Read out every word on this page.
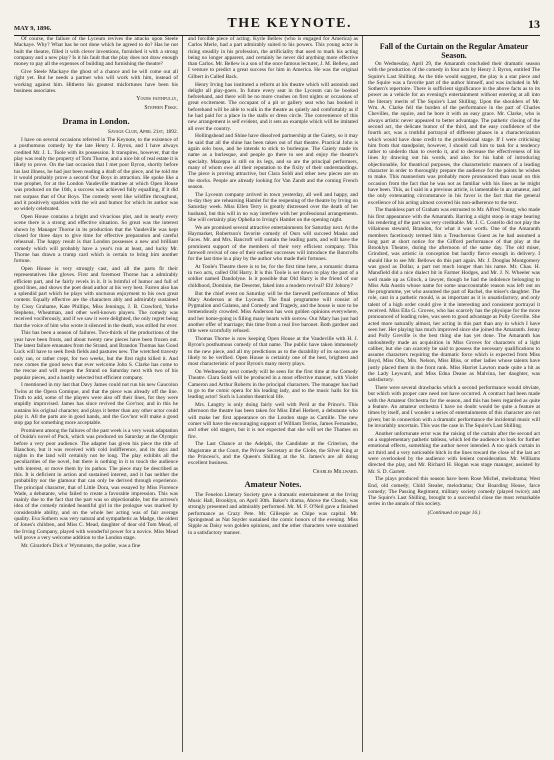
MAY 9, 1896.	THE KEYNOTE.	13

Of course, the failure of the Lyceum revives the attacks upon Steele Mackaye. Why? What has he not done which he agreed to do? Has he not built the theatre, filled it with clever inventions, furnished it with a strong company and a new play? Is it his fault that the play does not draw enough money to pay all the expenses of building and furnishing the theatre?

Give Steele Mackaye the ghost of a chance and he will come out all right yet. But he needs a partner who will work with him, instead of working against him. Hitherto his greatest misfortunes have been his business associates.

Yours faithfully,
Stephen Fiske.
Drama in London.
Savage Club, April 21st, 1892.

I have on several occasions referred in The Keynote, to the existence of a posthumous comedy by the late Henry J. Byron, and I have always credited Mr. J. L. Toole with its possession. It transpires, however, that the play was really the property of Tom Thorne, and a nice bit of real estate it is likely to prove. On the last occasion that I met poor Byron, shortly before his last illness, he had just been reading a draft of the piece, and he told me it would probably prove a second Our Boys in attraction. He spoke like a true prophet, for at the London Vaudeville matinee at which Open House was produced on the 16th, a success was achieved fully equalling, if it did not surpass that of Our Boys. The comedy went like wildfire throughout, and it positively sparkles with the wit and humor for which its author was so widely celebrated.

Open House contains a bright and vivacious plot, and in nearly every scene there is a strong and effective situation. So great was the interest shown by Manager Thorne in its production that the Vaudeville was kept closed for three days to give time for effective preparation and careful rehearsal. The happy result is that London possesses a new and brilliant comedy which will probably have a year's run at least, and lucky Mr. Thorne has drawn a trump card which is certain to bring him another fortune.

Open House is very strongly cast, and all the parts fit their representatives like gloves. First and foremost Thorne has a admirably efficient part, and he fairly revels in it. It is brimful of humor and full of good lines, and shows the poet dead author at his very best. Farren also has a splendid part which he plays with unctuous enjoyment to his own great content. Equally effective are the characters ably and admirably sustained by Cissy Grahame, Kate Phillips, Miss Jennings, J. B. Crawford, Yorke Stephens, Wheatman, and other well-known players. The comedy was received vociferously, and if we saw it were delighted, the only regret being that the voice of him who wrote it silenced in the death, was stilled for ever.

This has been a season of failures. Two-thirds of the productions of the year have been frosts, and about twenty new pieces have been frozen out. The latest failure emanates from the Strand, and Brandon Thomas has Good Luck will have to seek fresh fields and pastures new. The wretched travesty only ran, or rather crept, for two weeks, but the first night killed it. And now comes the good news that ever welcome John S. Clarke has come to the rescue and will reopen the Strand on Saturday next with two of his popular pieces, and a hastily selected but efficient company.

I mentioned in my last that Davy James could not run his new Gaucolon Twins at the Opera Comique, and that the piece was already off the line. Truth to add, some of the players were also off their lines, for they were stupidly improvised. James has since revived the Gov'nor, and in this he sustains his original character, and plays it better than any other actor could play it. All the parts are in good hands, and the Gov'nor will make a good stop gap for something more acceptable.

Prominent among the failures of the past week is a very weak adaptation of Ouida's novel of Puck, which was produced on Saturday at the Olympic before a very poor audience. The adapter has given his piece the title of Bianchon, but it was received with cold indifference, and its days and nights in the land will certainly not be long. The play exhibits all the peculiarities of the novel, but there is nothing in it to touch the audience with interest, or move them by its pathos. The piece may be described as this. It is deficient in action and sustained interest, and it has neither the probability nor the glamour that can only be derived through experience. The principal character, that of Little Dora, was essayed by Miss Florence Wade, a debutante, who failed to create a favorable impression. This was mainly due to the fact that the part was so objectionable, but the actress's idea of the comedy minded beautiful girl in the prologue was marked by considerable ability, and on the whole her acting was of fair average quality. Eva Sothern was very natural and sympathetic as Madge, the oldest of Jones's children, and Miss C. Mead, daughter of dear old Tom Mead, of the Irving Company, played with wonderful power for a novice. Miss Mead will prove a very welcome addition to the London stage.

Mr. Girardot's Dick o' Wynmonts, the poller, was a fine

and forcible piece of acting. Kyrle Bellew (who is engaged for America) as Carlos Merle, had a part admirably suited to his powers. This young actor is rising steadily in his profession, the artificiality that used to mark his acting being no longer apparent, and certainly he never did anything more effective than Carlos. Mr. Bellew is a son of the once famous lecturer, J. M. Bellew, and I venture to predict a great success for him in America. He was the original Gilbert in Called Back.

Henry Irving has instituted a reform at his theatre which will astonish and delight all play-goers. In future every seat in the Lyceum can be booked beforehand, and there will be no more crushes on first nights or occasions of great excitement. The occupant of a pit or gallery seat who has booked it beforehand will be able to walk in the theatre as quietly and comfortably as if he had paid for a place in the stalls or dress circle. The convenience of this new arrangement is self evident, and it sets an example which will be imitated all over the country.

Hollingshead and Shine have dissolved partnership at the Gaiety, so it may be said that all the shine has been taken out of that theatre. Practical John is again solo boss, and he intends to stick to burlesque. The Gaiety made its name as a burlesque, and people go there to see and enjoy the theatre's specialty. Mazeppa is still on its legs, and so are the principal performers, many of whom owe all their reputation to the fixity of their understandings. The piece is proving attractive, but Clara Soldi and other new pieces are on the stocks. People are already looking for Van Zandt and the coming French season.

The Lyceum company arrived in town yesterday, all well and happy, and to-day they are rehearsing Hamlet for the reopening of the theatre by Irving on Saturday week. Miss Ellen Terry is greatly distressed over the death of her husband, but this will in no way interfere with her professional arrangements. She will certainly play Ophelia to Irving's Hamlet on the opening night.

We are promised several attractive entertainments for Saturday next. At the Haymarket, Robertson's favorite comedy of Ours will succeed Masks and Faces. Mr. and Mrs. Bancroft will sustain the leading parts, and will have the prominent support of the members of their very efficient company. This farewell revival of one of their earliest successes will introduce the Bancrofts for the last time in a play by the author who made their fortunes.

At Toole's Theatre there is to be, for the first time here, a romantic drama in two acts, called Old Harry. It is this Toole is set down to play the part of a soldier named Dandolyne. Is it possible that Old Harry is the friend of our childhood, Dominie, the Deserter, faked into a modern revival? Eh! Johnny?

But the chief event on Saturday will be the farewell performance of Miss Mary Anderson at the Lyceum. The final programme will consist of Pygmalion and Galatea, and Comedy and Tragedy, and the house is sure to be tremendously crowded. Miss Anderson has won golden opinions everywhere, and her home-going is filling many hearts with sorrow. Our Mary has just had another offer of marriage; this time from a real live baronet. Both gardner and title were scornfully refused.

Thomas Thorne is now keeping Open House at the Vaudeville with H. J. Byron's posthumous comedy of that name. The public have taken immensely to the new piece, and all my predictions as to the durability of its success are likely to be verified. Open House is certainly one of the best, brightest and most characteristic of poor Byron's many merry plays.

On Wednesday next comedy will be seen for the first time at the Comedy Theatre. Clara Soldi will be produced in a most effective manner, with Violet Cameron and Arthur Roberts in the principal characters. The manager has had to go to the comic opera for his leading lady, and to the music halls for his leading actor! Such is London theatrical life.

Mrs. Langtry is only doing fairly well with Peril at the Prince's. This afternoon the theatre has been taken for Miss Ethel Herbert, a debutante who will make her first appearance on the London stage as Camille. The new comer will have the encouraging support of William Terriss, James Fernandez, and other old stagers, but it is not expected that she will set the Thames on fire.

The Last Chance at the Adelphi, the Candidate at the Criterion, the Magistrate at the Court, the Private Secretary at the Globe, the Silver King at the Princess's, and the Queen's Shilling at the St. James's are all doing excellent business.

Charles Millward.
Amateur Notes.

The Fenelon Literary Society gave a dramatic entertainment at the Irving Music Hall, Brooklyn, on April 30th. Baker's drama, Above the Clouds, was strongly presented and admirably performed. Mr. M. F. O'Neil gave a finished performance as Crazy Pete. Mr. Gillespie as Chipe was capital. Mr. Springstead as Nat Snyder sustained the comic honors of the evening. Miss Sipple as Daisy won golden opinions, and the other characters were sustained in a satisfactory manner.

Fall of the Curtain on the Regular Amateur Season.

On Wednesday, April 29, the Amaranth concluded their dramatic season with the production of the comedy in four acts by Henry J. Byron, entitled The Squire's Last Shilling. As the title would suggest, the play is a star piece and the Squire was a favorite part of the author himself, and was included in Mr. Sothern's repertoire. There is sufficient significance in the above facts as to its power as a vehicle for an evening's entertainment without entering at all into the literary merits of The Squire's Last Shilling. Upon the shoulders of Mr. Wm. A. Clarke fell the burden of the performance in the part of Charles Chevilles, the squire, and he bore it with an easy grace. Mr. Clarke, who is always artistic never appeared to better advantage. The pathetic closing of the second act, the delicate humor of the third, and the easy confidence of the fourth act, was a truthful portrayal of different phases in a characterization which would have done credit to the professional stage. If I were criticising him from that standpoint, however, I should call him to task for a tendency rather to underdo than to overdo it, and to decrease the effectiveness of his lines by drawing out his words, and also for his habit of introducing objectionable, for theatrical purposes, the characteristic manners of a leading character in order to thoroughly prepare the audience for the points he wishes to make. This mannerism was probably more pronounced than usual on this occasion from the fact that he was not as familiar with his lines as he might have been. This, as I said in a previous article, is lamentable in an amateur, and the only extenuating circumstance in his favor is the fact that the general excellence of his acting almost covered his non-adherence to the text.

The thankless part of Graham was entrusted to Mr. Alfred Young, who made his first appearance with the Amaranth. Barring a slight stoop in stage bearing his rendering of the part was very creditable. Mr. J. C. Costello did not play the villainous steward, Brandon, for what it was worth. One of the Amaranth members facetiously termed him a Treacherous Guest as he had assumed a long part at short notice for the Gifford performance of that play at the Brooklyn Theatre, during the afternoon of the same day. The old miser, Grindred, was artistic in conception but hardly fierce enough in delivery. I should like to see Mr. Bellows do this part again. Mr. J. Douglas Montgomery was good as Dollar, a part not much longer than his name. Mr. Chas. H. Mansfield did a nice dialect bit in Farmer Hodges, and Mr. J. N. Wheeler was well made up as Gliock, a lawyer, though he had the indolence belonging to Miss Ada Austin whose name for some unaccountable reason was left out on the programme, yet who assumed the part of Rachel, the miser's daughter. The role, cast in a pathetic mould, is as important as it is unsatisfactory, and only talent of a high order could give it the interesting and consistent portrayal it received. Miss Ella G. Groves, who has scarcely has the physique for the more pronounced of leading roles, was seen to good advantage as Polly Greville. She acted more naturally almost, her acting in this part than any in which I have seen her. Her playing has much improved since she joined the Amaranth. Jenny and Polly Greville is the best thing she has yet done. The Amaranth has undoubtedly made an acquisition in Miss Groves for characters of a light caliber, but she can scarcely be said to possess the necessary qualifications to assume characters requiring the dramatic force which is expected from Miss Boyd, Miss Otis, Mrs. Nelson, Miss Bliss, or other ladies whose talents have justly placed them in the front rank. Miss Harriet Lawton made quite a hit as the Lady Leyward, and Miss Edna Deane as Malvina, her daughter, was satisfactory.

There were several drawbacks which a second performance would obviate, but which with proper care need not have occurred. A contract had been made with the Amateur Orchestra for the season, and this has been regarded as quite a feature. An amateur orchestra I have no doubt would be quite a feature at times by itself, and I wonder a series of entertainments of this character are not given; but in connection with a dramatic performance the incidental music will be invariably uncertain. This was the case in The Squire's Last Shilling.

Another unfortunate error was the raising of the curtain after the second act on a supplementary pathetic tableau, which led the audience to look for further emotional effects, something the author never intended. A too quick curtain in act third and a very noticeable hitch in the lines toward the close of the last act were overlooked by the audience with lenient consideration. Mr. Williams directed the play, and Mr. Richard H. Hogan was stage manager, assisted by Mr. S. D. Garrett.

The plays produced this season have been Rose Michel, melodrama; West End, old comedy; Child Stealer, melodrama; Our Boarding House, farce comedy; The Passing Regiment, military society comedy (played twice); and The Squire's Last Shilling, brought to a successful close the most remarkable series in the annals of this society.

(Continued on page 16.)
